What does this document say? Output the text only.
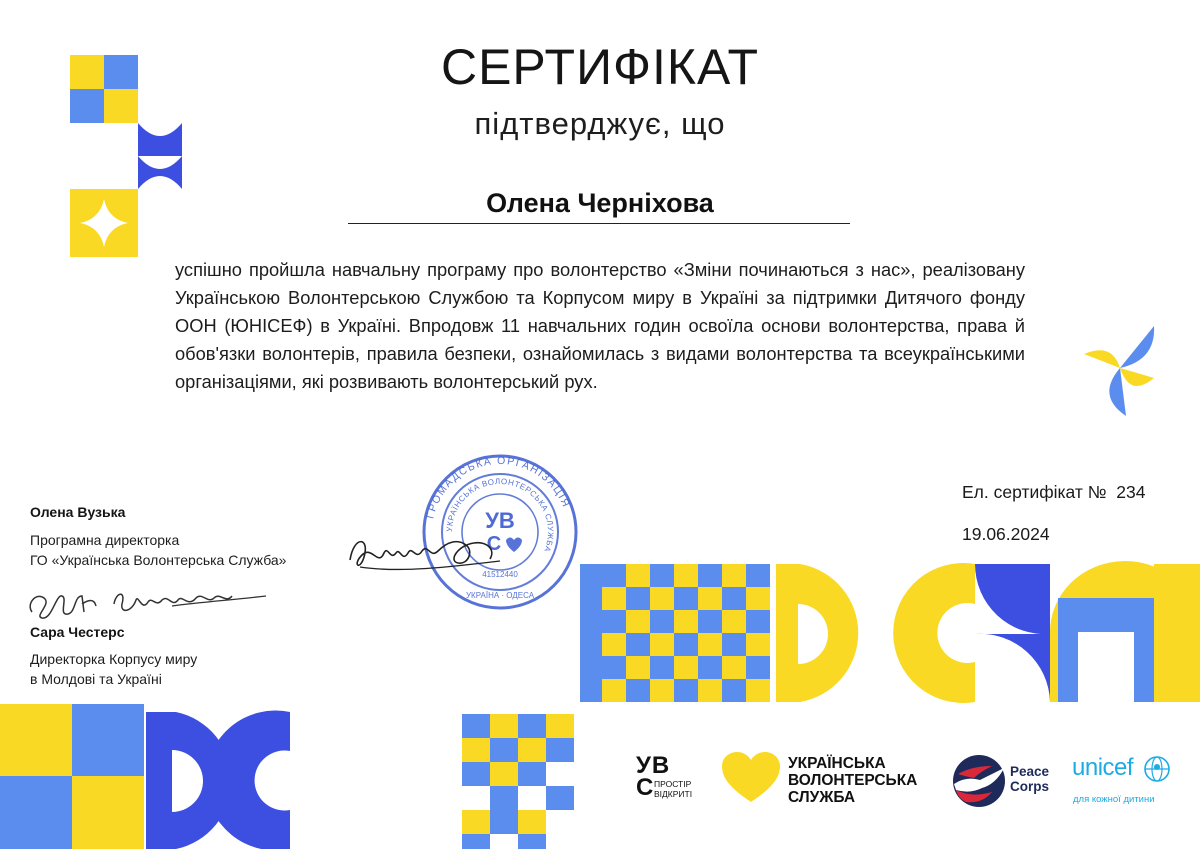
СЕРТИФІКАТ
підтверджує, що
Олена Черніхова
успішно пройшла навчальну програму про волонтерство «Зміни починаються з нас», реалізовану Українською Волонтерською Службою та Корпусом миру в Україні за підтримки Дитячого фонду ООН (ЮНІСЕФ) в Україні. Впродовж 11 навчальних годин освоїла основи волонтерства, права й обов'язки волонтерів, правила безпеки, ознайомилась з видами волонтерства та всеукраїнськими організаціями, які розвивають волонтерський рух.
ГРОМАДСЬКА ОРГАНІЗАЦІЯ
УКРАЇНСЬКА ВОЛОНТЕРСЬКА СЛУЖБА
УВ
С
41512440
УКРАЇНА · ОДЕСА
Олена Вузька
Програмна директорка
ГО «Українська Волонтерська Служба»
Сара Честерс
Директорка Корпусу миру
в Молдові та Україні
Ел. сертифікат № 234
19.06.2024
УВ
С ПРОСТІР
ВІДКРИТІ
УКРАЇНСЬКА
ВОЛОНТЕРСЬКА
СЛУЖБА
Peace
Corps
unicef
для кожної дитини
